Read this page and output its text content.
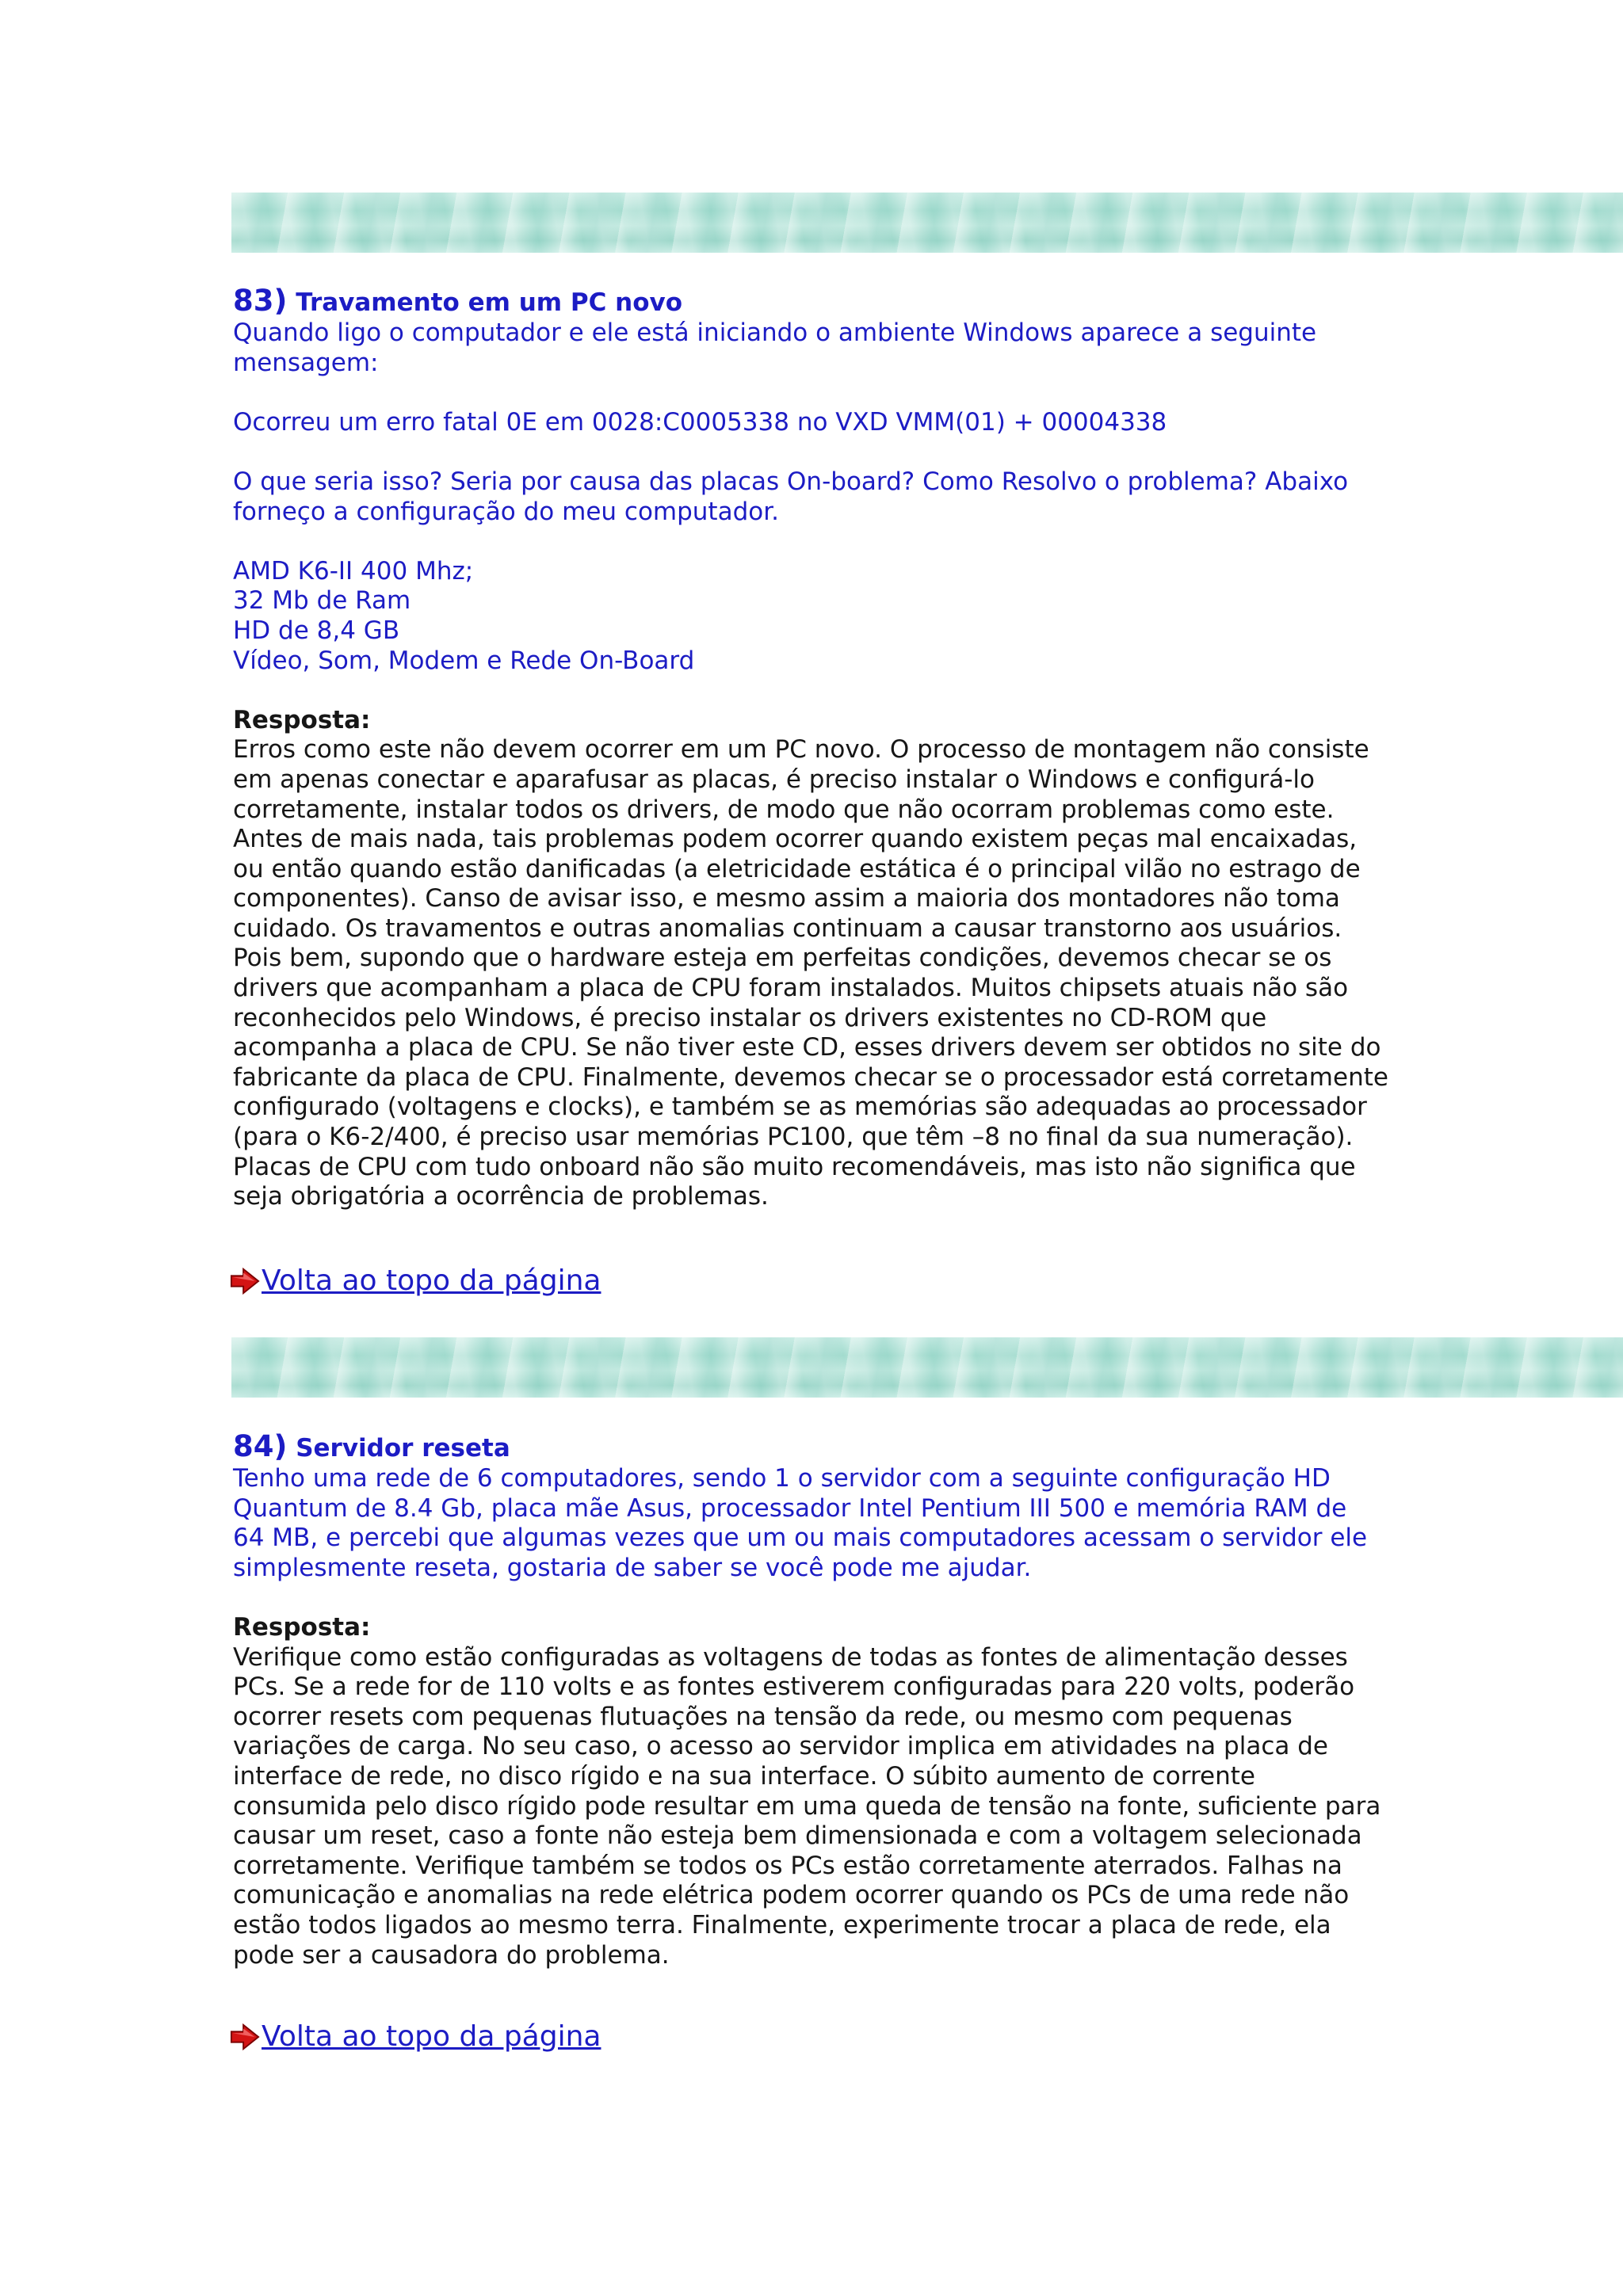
83) Travamento em um PC novo
Quando ligo o computador e ele está iniciando o ambiente Windows aparece a seguinte
mensagem:
Ocorreu um erro fatal 0E em 0028:C0005338 no VXD VMM(01) + 00004338
O que seria isso? Seria por causa das placas On-board? Como Resolvo o problema? Abaixo
forneço a configuração do meu computador.
AMD K6-II 400 Mhz;
32 Mb de Ram
HD de 8,4 GB
Vídeo, Som, Modem e Rede On-Board
Resposta:
Erros como este não devem ocorrer em um PC novo. O processo de montagem não consiste
em apenas conectar e aparafusar as placas, é preciso instalar o Windows e configurá-lo
corretamente, instalar todos os drivers, de modo que não ocorram problemas como este.
Antes de mais nada, tais problemas podem ocorrer quando existem peças mal encaixadas,
ou então quando estão danificadas (a eletricidade estática é o principal vilão no estrago de
componentes). Canso de avisar isso, e mesmo assim a maioria dos montadores não toma
cuidado. Os travamentos e outras anomalias continuam a causar transtorno aos usuários.
Pois bem, supondo que o hardware esteja em perfeitas condições, devemos checar se os
drivers que acompanham a placa de CPU foram instalados. Muitos chipsets atuais não são
reconhecidos pelo Windows, é preciso instalar os drivers existentes no CD-ROM que
acompanha a placa de CPU. Se não tiver este CD, esses drivers devem ser obtidos no site do
fabricante da placa de CPU. Finalmente, devemos checar se o processador está corretamente
configurado (voltagens e clocks), e também se as memórias são adequadas ao processador
(para o K6-2/400, é preciso usar memórias PC100, que têm –8 no final da sua numeração).
Placas de CPU com tudo onboard não são muito recomendáveis, mas isto não significa que
seja obrigatória a ocorrência de problemas.
Volta ao topo da página
84) Servidor reseta
Tenho uma rede de 6 computadores, sendo 1 o servidor com a seguinte configuração HD
Quantum de 8.4 Gb, placa mãe Asus, processador Intel Pentium III 500 e memória RAM de
64 MB, e percebi que algumas vezes que um ou mais computadores acessam o servidor ele
simplesmente reseta, gostaria de saber se você pode me ajudar.
Resposta:
Verifique como estão configuradas as voltagens de todas as fontes de alimentação desses
PCs. Se a rede for de 110 volts e as fontes estiverem configuradas para 220 volts, poderão
ocorrer resets com pequenas flutuações na tensão da rede, ou mesmo com pequenas
variações de carga. No seu caso, o acesso ao servidor implica em atividades na placa de
interface de rede, no disco rígido e na sua interface. O súbito aumento de corrente
consumida pelo disco rígido pode resultar em uma queda de tensão na fonte, suficiente para
causar um reset, caso a fonte não esteja bem dimensionada e com a voltagem selecionada
corretamente. Verifique também se todos os PCs estão corretamente aterrados. Falhas na
comunicação e anomalias na rede elétrica podem ocorrer quando os PCs de uma rede não
estão todos ligados ao mesmo terra. Finalmente, experimente trocar a placa de rede, ela
pode ser a causadora do problema.
Volta ao topo da página
